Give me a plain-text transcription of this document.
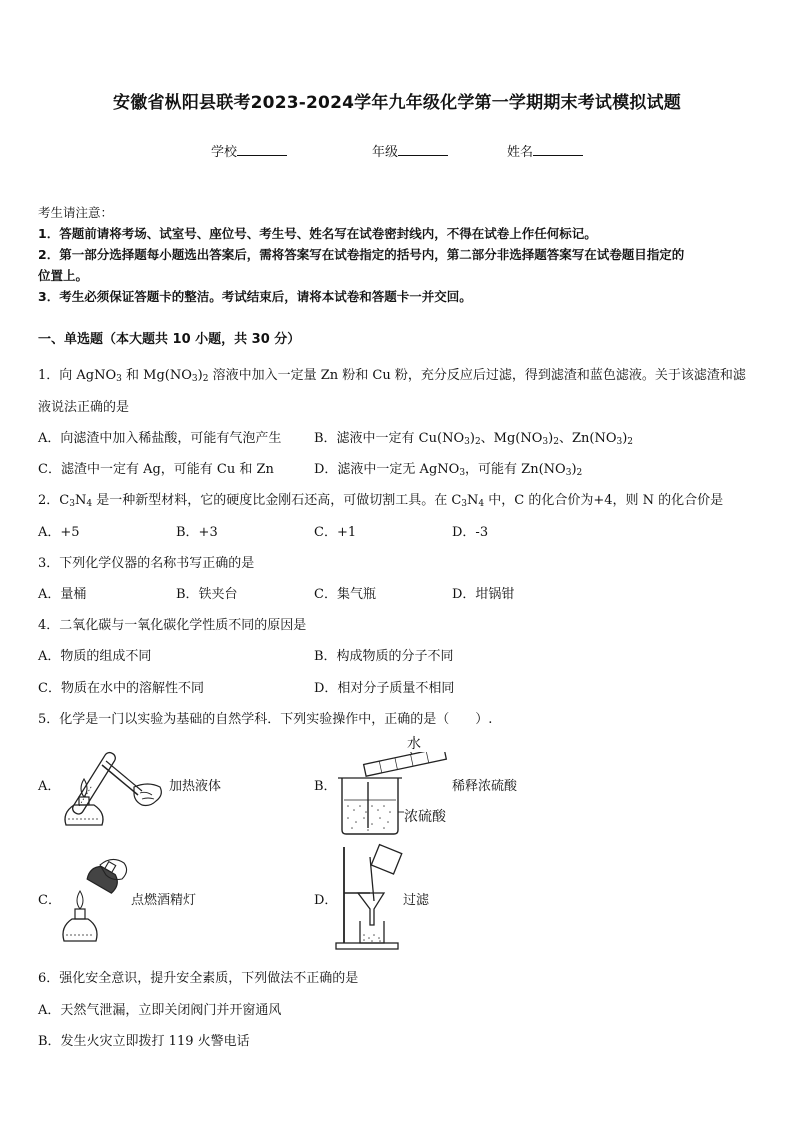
安徽省枞阳县联考2023-2024学年九年级化学第一学期期末考试模拟试题
学校	年级	姓名
考生请注意：
1．答题前请将考场、试室号、座位号、考生号、姓名写在试卷密封线内，不得在试卷上作任何标记。
2．第一部分选择题每小题选出答案后，需将答案写在试卷指定的括号内，第二部分非选择题答案写在试卷题目指定的
位置上。
3．考生必须保证答题卡的整洁。考试结束后，请将本试卷和答题卡一并交回。
一、单选题（本大题共 10 小题，共 30 分）
1．向 AgNO$_3$ 和 $Mg(NO_3)_2$ 溶液中加入一定量 Zn 粉和 Cu 粉，充分反应后过滤，得到滤渣和蓝色滤液。关于该滤渣和滤
液说法正确的是
A．向滤渣中加入稀盐酸，可能有气泡产生	B．滤液中一定有 $Cu(NO_3)_2$、$Mg(NO_3)_2$、$Zn(NO_3)_2$
C．滤渣中一定有 Ag，可能有 Cu 和 Zn	D．滤液中一定无 AgNO$_3$，可能有 $Zn(NO_3)_2$
2．$C_3N_4$ 是一种新型材料，它的硬度比金刚石还高，可做切割工具。在 $C_3N_4$ 中，C 的化合价为+4，则 N 的化合价是
A．+5	B．+3	C．+1	D．-3
3．下列化学仪器的名称书写正确的是
A．量桶	B．铁夹台	C．集气瓶	D．坩锅钳
4．二氧化碳与一氧化碳化学性质不同的原因是
A．物质的组成不同	B．构成物质的分子不同
C．物质在水中的溶解性不同	D．相对分子质量不相同
5．化学是一门以实验为基础的自然学科．下列实验操作中，正确的是（　　）.
A．	加热液体	B．
水
稀释浓硫酸
浓硫酸
C．	点燃酒精灯	D．	过滤
6．强化安全意识，提升安全素质，下列做法不正确的是
A．天然气泄漏，立即关闭阀门并开窗通风
B．发生火灾立即拨打 119 火警电话
